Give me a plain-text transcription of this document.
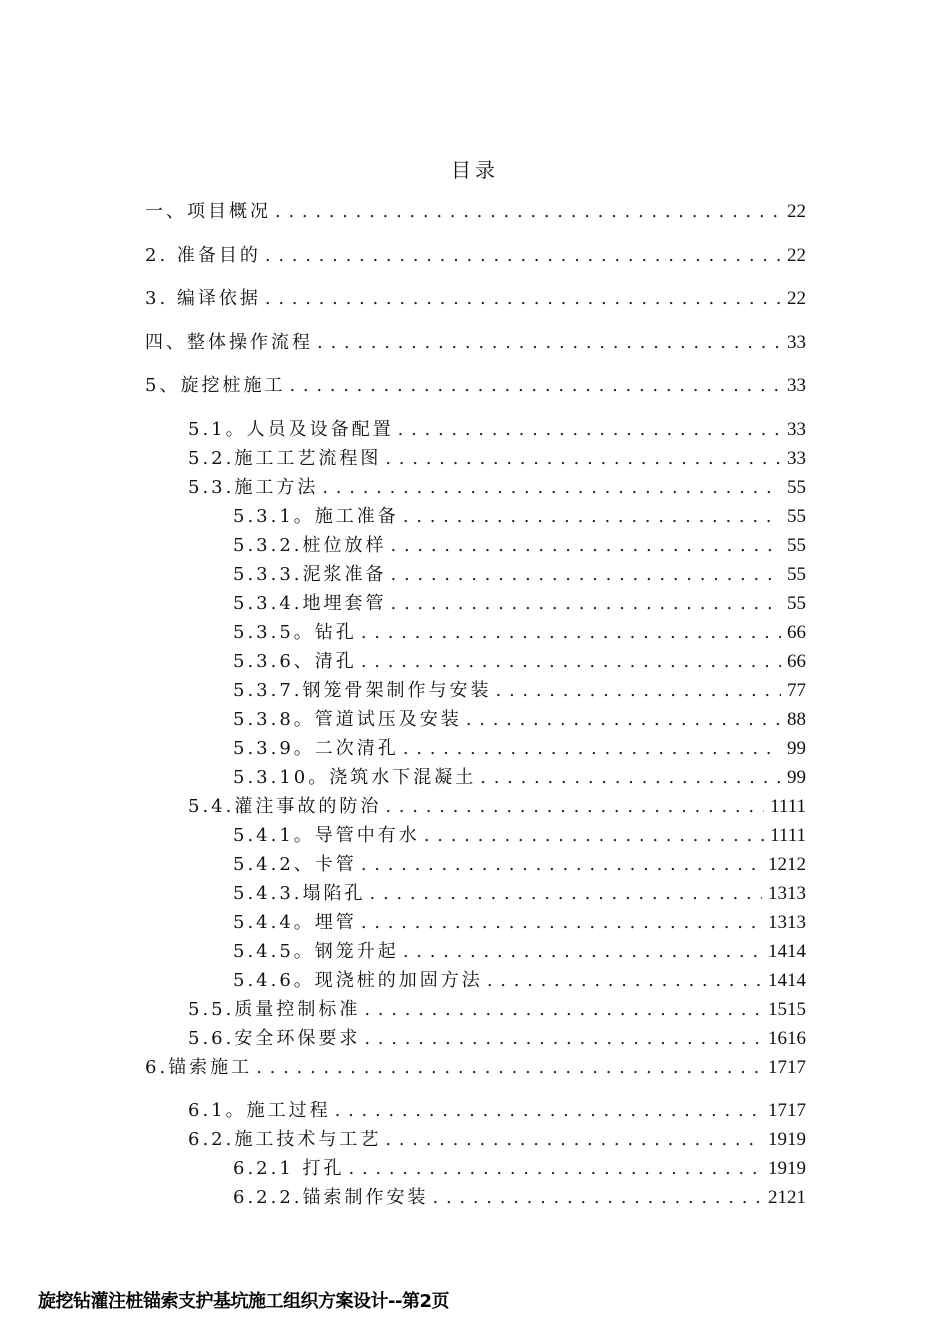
目录
一、项目概况 . . .	22
2. 准备目的 . . .	22
3. 编译依据 . . .	22
四、整体操作流程 . . .	33
5、旋挖桩施工 . . .	33
5.1。人员及设备配置 . . .	33
5.2.施工工艺流程图 . . .	33
5.3.施工方法 . . .	55
5.3.1。施工准备 . . .	55
5.3.2.桩位放样 . . .	55
5.3.3.泥浆准备 . . .	55
5.3.4.地埋套管 . . .	55
5.3.5。钻孔 . . .	66
5.3.6、清孔 . . .	66
5.3.7.钢笼骨架制作与安装 . . .	77
5.3.8。管道试压及安装 . . .	88
5.3.9。二次清孔 . . .	99
5.3.10。浇筑水下混凝土 . . .	99
5.4.灌注事故的防治 . . .	1111
5.4.1。导管中有水 . . .	1111
5.4.2、卡管 . . .	1212
5.4.3.塌陷孔 . . .	1313
5.4.4。埋管 . . .	1313
5.4.5。钢笼升起 . . .	1414
5.4.6。现浇桩的加固方法 . . .	1414
5.5.质量控制标准 . . .	1515
5.6.安全环保要求 . . .	1616
6.锚索施工 . . .	1717
6.1。施工过程 . . .	1717
6.2.施工技术与工艺 . . .	1919
6.2.1 打孔 . . .	1919
6.2.2.锚索制作安装 . . .	2121
旋挖钻灌注桩锚索支护基坑施工组织方案设计--第2页
